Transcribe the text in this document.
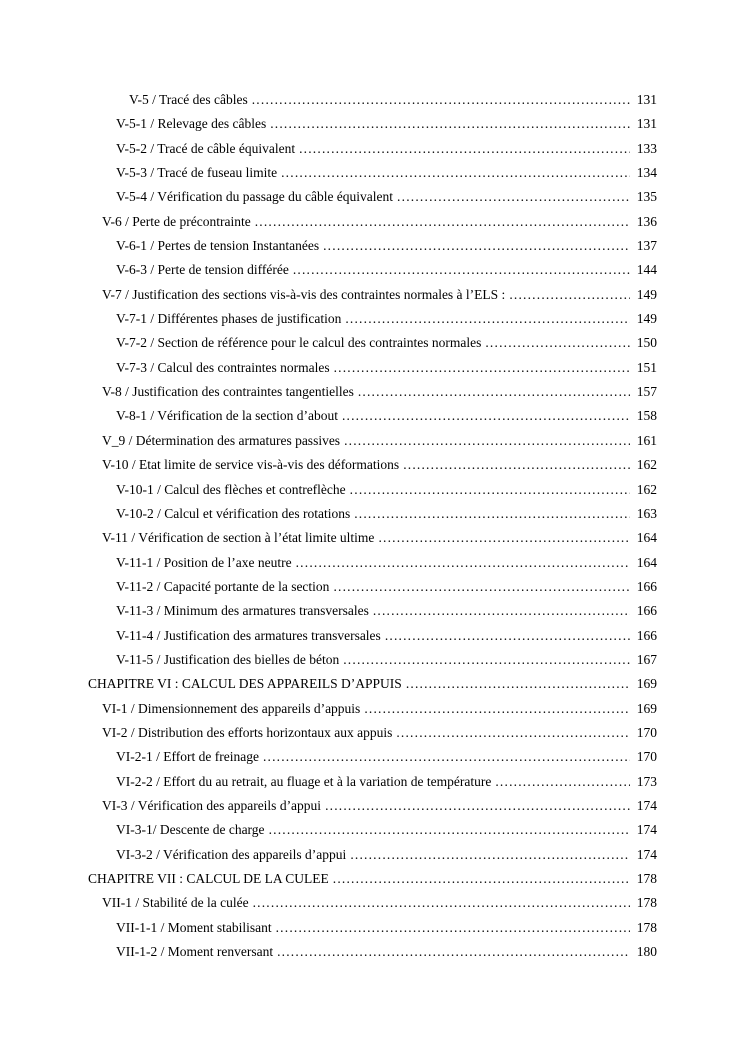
V-5 / Tracé des câbles .....	131
V-5-1 / Relevage des câbles .....	131
V-5-2 / Tracé de câble équivalent .....	133
V-5-3 / Tracé de fuseau limite .....	134
V-5-4 / Vérification du passage du câble équivalent .....	135
V-6 / Perte de précontrainte .....	136
V-6-1 / Pertes de tension Instantanées .....	137
V-6-3 / Perte de tension différée .....	144
V-7 / Justification des sections vis-à-vis des contraintes normales à l’ELS : .....	149
V-7-1 / Différentes phases de justification .....	149
V-7-2 / Section de référence pour le calcul des contraintes normales .....	150
V-7-3 / Calcul des contraintes normales .....	151
V-8 / Justification des contraintes tangentielles .....	157
V-8-1 / Vérification de la section d’about .....	158
V_9 / Détermination des armatures passives .....	161
V-10 / Etat limite de service vis-à-vis des déformations .....	162
V-10-1 / Calcul des flèches et contreflèche .....	162
V-10-2 / Calcul et vérification des rotations .....	163
V-11 / Vérification de section à l’état limite ultime .....	164
V-11-1 / Position de l’axe neutre .....	164
V-11-2 / Capacité portante de la section .....	166
V-11-3 / Minimum des armatures transversales .....	166
V-11-4 / Justification des armatures transversales .....	166
V-11-5 / Justification des bielles de béton .....	167
CHAPITRE VI : CALCUL DES APPAREILS D’APPUIS .....	169
VI-1 / Dimensionnement des appareils d’appuis .....	169
VI-2 / Distribution des efforts horizontaux aux appuis .....	170
VI-2-1 / Effort de freinage .....	170
VI-2-2 / Effort du au retrait, au fluage et à la variation de température .....	173
VI-3 / Vérification des appareils d’appui .....	174
VI-3-1/ Descente de charge .....	174
VI-3-2 / Vérification des appareils d’appui .....	174
CHAPITRE VII : CALCUL DE LA CULEE .....	178
VII-1 / Stabilité de la culée .....	178
VII-1-1 / Moment stabilisant .....	178
VII-1-2 / Moment renversant .....	180
